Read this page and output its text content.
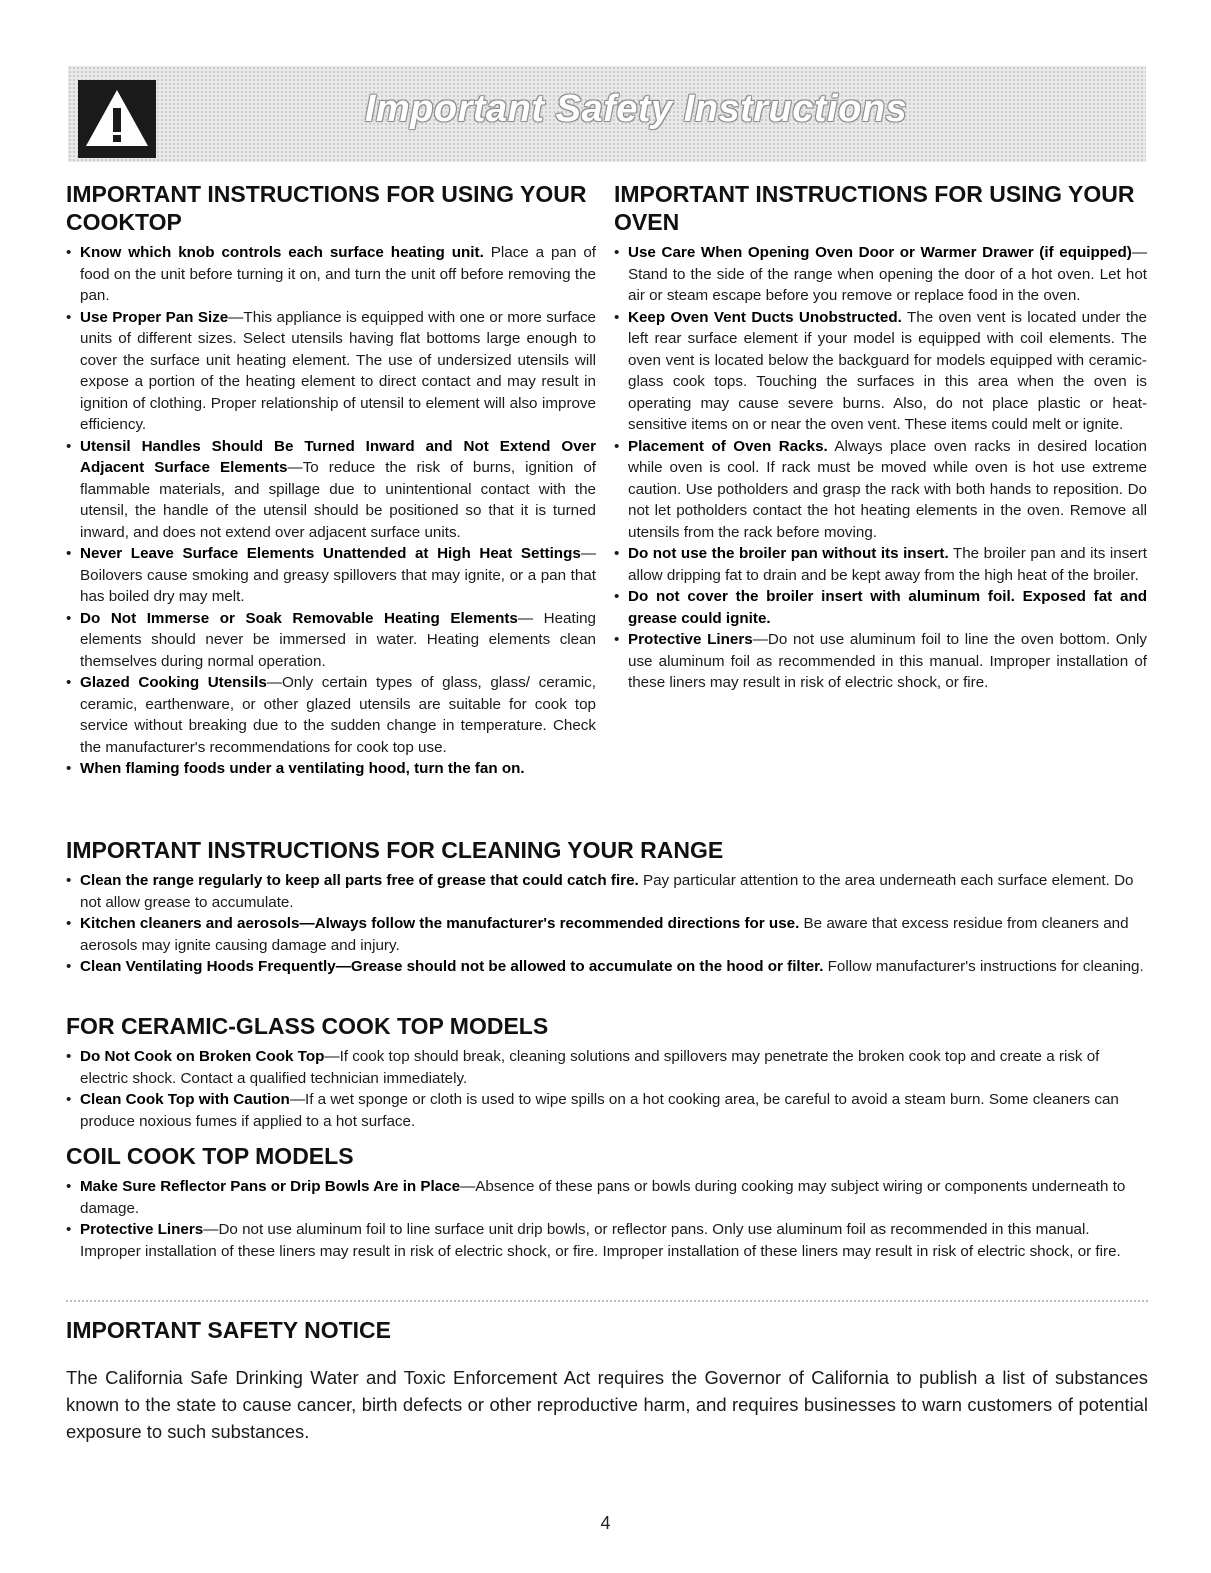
Important Safety Instructions
IMPORTANT INSTRUCTIONS FOR USING YOUR COOKTOP
• Know which knob controls each surface heating unit. Place a pan of food on the unit before turning it on, and turn the unit off before removing the pan.
• Use Proper Pan Size—This appliance is equipped with one or more surface units of different sizes. Select utensils having flat bottoms large enough to cover the surface unit heating element. The use of undersized utensils will expose a portion of the heating element to direct contact and may result in ignition of clothing. Proper relationship of utensil to element will also improve efficiency.
• Utensil Handles Should Be Turned Inward and Not Extend Over Adjacent Surface Elements—To reduce the risk of burns, ignition of flammable materials, and spillage due to unintentional contact with the utensil, the handle of the utensil should be positioned so that it is turned inward, and does not extend over adjacent surface units.
• Never Leave Surface Elements Unattended at High Heat Settings—Boilovers cause smoking and greasy spillovers that may ignite, or a pan that has boiled dry may melt.
• Do Not Immerse or Soak Removable Heating Elements— Heating elements should never be immersed in water. Heating elements clean themselves during normal operation.
• Glazed Cooking Utensils—Only certain types of glass, glass/ ceramic, ceramic, earthenware, or other glazed utensils are suitable for cook top service without breaking due to the sudden change in temperature. Check the manufacturer's recommendations for cook top use.
• When flaming foods under a ventilating hood, turn the fan on.
IMPORTANT INSTRUCTIONS FOR USING YOUR OVEN
• Use Care When Opening Oven Door or Warmer Drawer (if equipped)—Stand to the side of the range when opening the door of a hot oven. Let hot air or steam escape before you remove or replace food in the oven.
• Keep Oven Vent Ducts Unobstructed. The oven vent is located under the left rear surface element if your model is equipped with coil elements. The oven vent is located below the backguard for models equipped with ceramic-glass cook tops. Touching the surfaces in this area when the oven is operating may cause severe burns. Also, do not place plastic or heat-sensitive items on or near the oven vent. These items could melt or ignite.
• Placement of Oven Racks. Always place oven racks in desired location while oven is cool. If rack must be moved while oven is hot use extreme caution. Use potholders and grasp the rack with both hands to reposition. Do not let potholders contact the hot heating elements in the oven. Remove all utensils from the rack before moving.
• Do not use the broiler pan without its insert. The broiler pan and its insert allow dripping fat to drain and be kept away from the high heat of the broiler.
• Do not cover the broiler insert with aluminum foil. Exposed fat and grease could ignite.
• Protective Liners—Do not use aluminum foil to line the oven bottom. Only use aluminum foil as recommended in this manual. Improper installation of these liners may result in risk of electric shock, or fire.
IMPORTANT INSTRUCTIONS FOR CLEANING YOUR RANGE
• Clean the range regularly to keep all parts free of grease that could catch fire. Pay particular attention to the area underneath each surface element. Do not allow grease to accumulate.
• Kitchen cleaners and aerosols—Always follow the manufacturer's recommended directions for use. Be aware that excess residue from cleaners and aerosols may ignite causing damage and injury.
• Clean Ventilating Hoods Frequently—Grease should not be allowed to accumulate on the hood or filter. Follow manufacturer's instructions for cleaning.
FOR CERAMIC-GLASS COOK TOP MODELS
• Do Not Cook on Broken Cook Top—If cook top should break, cleaning solutions and spillovers may penetrate the broken cook top and create a risk of electric shock. Contact a qualified technician immediately.
• Clean Cook Top with Caution—If a wet sponge or cloth is used to wipe spills on a hot cooking area, be careful to avoid a steam burn. Some cleaners can produce noxious fumes if applied to a hot surface.
COIL COOK TOP MODELS
• Make Sure Reflector Pans or Drip Bowls Are in Place—Absence of these pans or bowls during cooking may subject wiring or components underneath to damage.
• Protective Liners—Do not use aluminum foil to line surface unit drip bowls, or reflector pans. Only use aluminum foil as recommended in this manual. Improper installation of these liners may result in risk of electric shock, or fire. Improper installation of these liners may result in risk of electric shock, or fire.
IMPORTANT SAFETY NOTICE
The California Safe Drinking Water and Toxic Enforcement Act requires the Governor of California to publish a list of substances known to the state to cause cancer, birth defects or other reproductive harm, and requires businesses to warn customers of potential exposure to such substances.
4
